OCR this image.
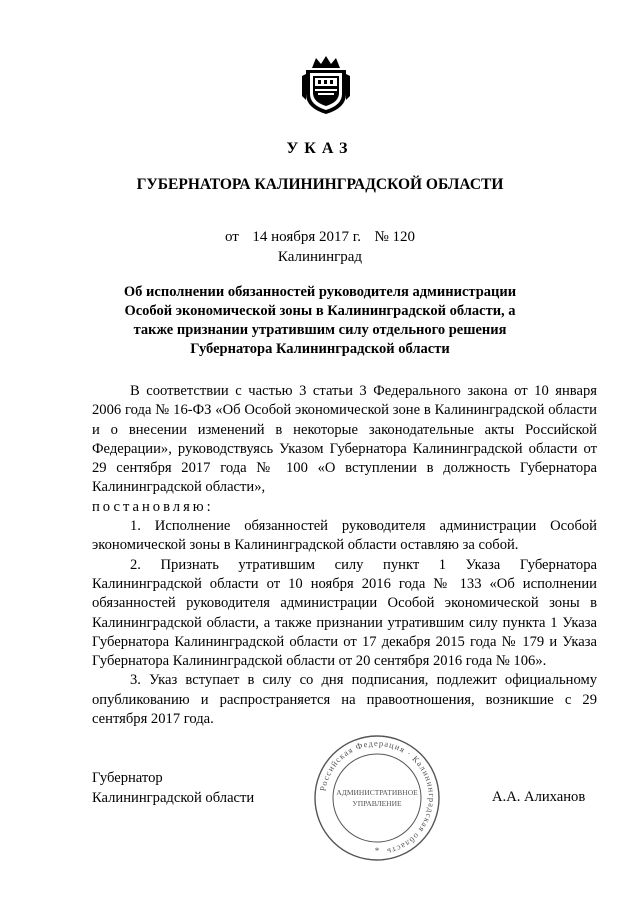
УКАЗ
ГУБЕРНАТОРА КАЛИНИНГРАДСКОЙ ОБЛАСТИ
от 14 ноября 2017 г. № 120
Калининград
Об исполнении обязанностей руководителя администрации Особой экономической зоны в Калининградской области, а также признании утратившим силу отдельного решения Губернатора Калининградской области

В соответствии с частью 3 статьи 3 Федерального закона от 10 января 2006 года № 16-ФЗ «Об Особой экономической зоне в Калининградской области и о внесении изменений в некоторые законодательные акты Российской Федерации», руководствуясь Указом Губернатора Калининградской области от 29 сентября 2017 года № 100 «О вступлении в должность Губернатора Калининградской области»,

постановляю:

1. Исполнение обязанностей руководителя администрации Особой экономической зоны в Калининградской области оставляю за собой.

2. Признать утратившим силу пункт 1 Указа Губернатора Калининградской области от 10 ноября 2016 года № 133 «Об исполнении обязанностей руководителя администрации Особой экономической зоны в Калининградской области, а также признании утратившим силу пункта 1 Указа Губернатора Калининградской области от 17 декабря 2015 года № 179 и Указа Губернатора Калининградской области от 20 сентября 2016 года № 106».

3. Указ вступает в силу со дня подписания, подлежит официальному опубликованию и распространяется на правоотношения, возникшие с 29 сентября 2017 года.

Губернатор
Калининградской области
Российская Федерация · Калининградская область
АДМИНИСТРАТИВНОЕ
УПРАВЛЕНИЕ
*
А.А. Алиханов
